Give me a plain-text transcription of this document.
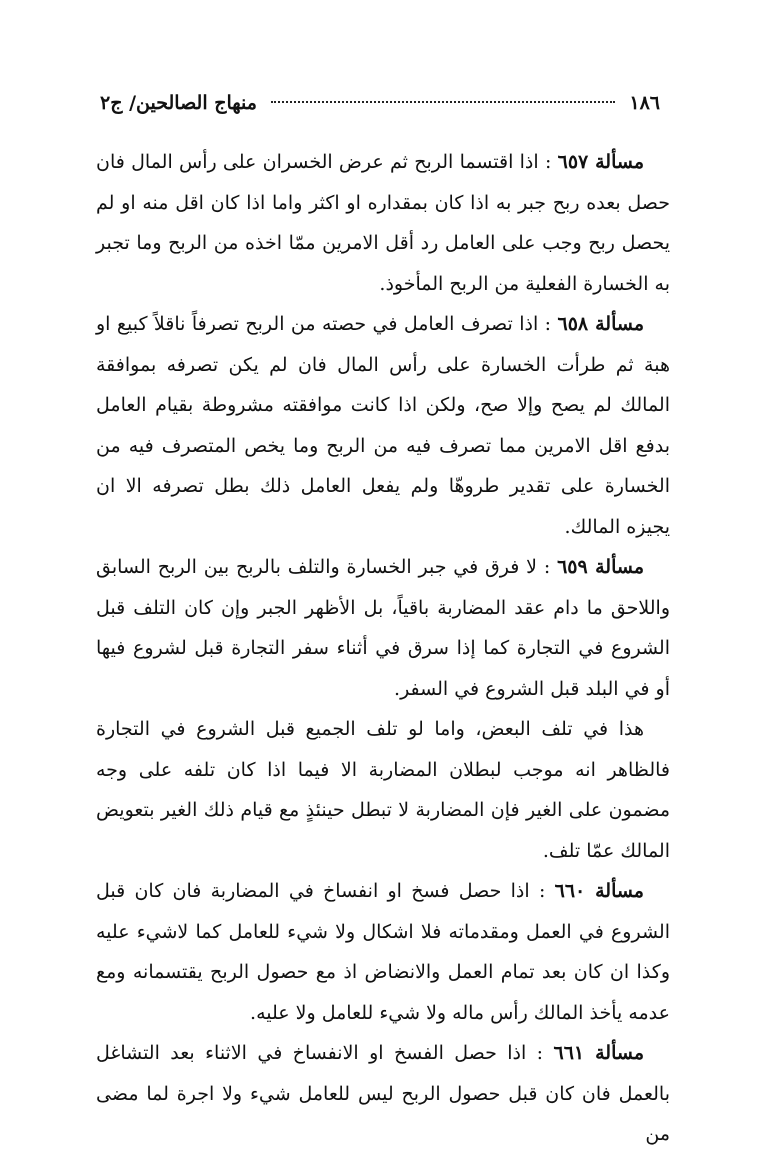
١٨٦
منهاج الصالحين/ ج٢

مسألة ٦٥٧ : اذا اقتسما الربح ثم عرض الخسران على رأس المال فان حصل بعده ربح جبر به اذا كان بمقداره او اكثر واما اذا كان اقل منه او لم يحصل ربح وجب على العامل رد أقل الامرين ممّا اخذه من الربح وما تجبر به الخسارة الفعلية من الربح المأخوذ.

مسألة ٦٥٨ : اذا تصرف العامل في حصته من الربح تصرفاً ناقلاً كبيع او هبة ثم طرأت الخسارة على رأس المال فان لم يكن تصرفه بموافقة المالك لم يصح وإلا صح، ولكن اذا كانت موافقته مشروطة بقيام العامل بدفع اقل الامرين مما تصرف فيه من الربح وما يخص المتصرف فيه من الخسارة على تقدير طروهّا ولم يفعل العامل ذلك بطل تصرفه الا ان يجيزه المالك.

مسألة ٦٥٩ : لا فرق في جبر الخسارة والتلف بالربح بين الربح السابق واللاحق ما دام عقد المضاربة باقياً، بل الأظهر الجبر وإن كان التلف قبل الشروع في التجارة كما إذا سرق في أثناء سفر التجارة قبل لشروع فيها أو في البلد قبل الشروع في السفر.

هذا في تلف البعض، واما لو تلف الجميع قبل الشروع في التجارة فالظاهر انه موجب لبطلان المضاربة الا فيما اذا كان تلفه على وجه مضمون على الغير فإن المضاربة لا تبطل حينئذٍ مع قيام ذلك الغير بتعويض المالك عمّا تلف.

مسألة ٦٦٠ : اذا حصل فسخ او انفساخ في المضاربة فان كان قبل الشروع في العمل ومقدماته فلا اشكال ولا شيء للعامل كما لاشيء عليه وكذا ان كان بعد تمام العمل والانضاض اذ مع حصول الربح يقتسمانه ومع عدمه يأخذ المالك رأس ماله ولا شيء للعامل ولا عليه.

مسألة ٦٦١ : اذا حصل الفسخ او الانفساخ في الاثناء بعد التشاغل بالعمل فان كان قبل حصول الربح ليس للعامل شيء ولا اجرة لما مضى من
